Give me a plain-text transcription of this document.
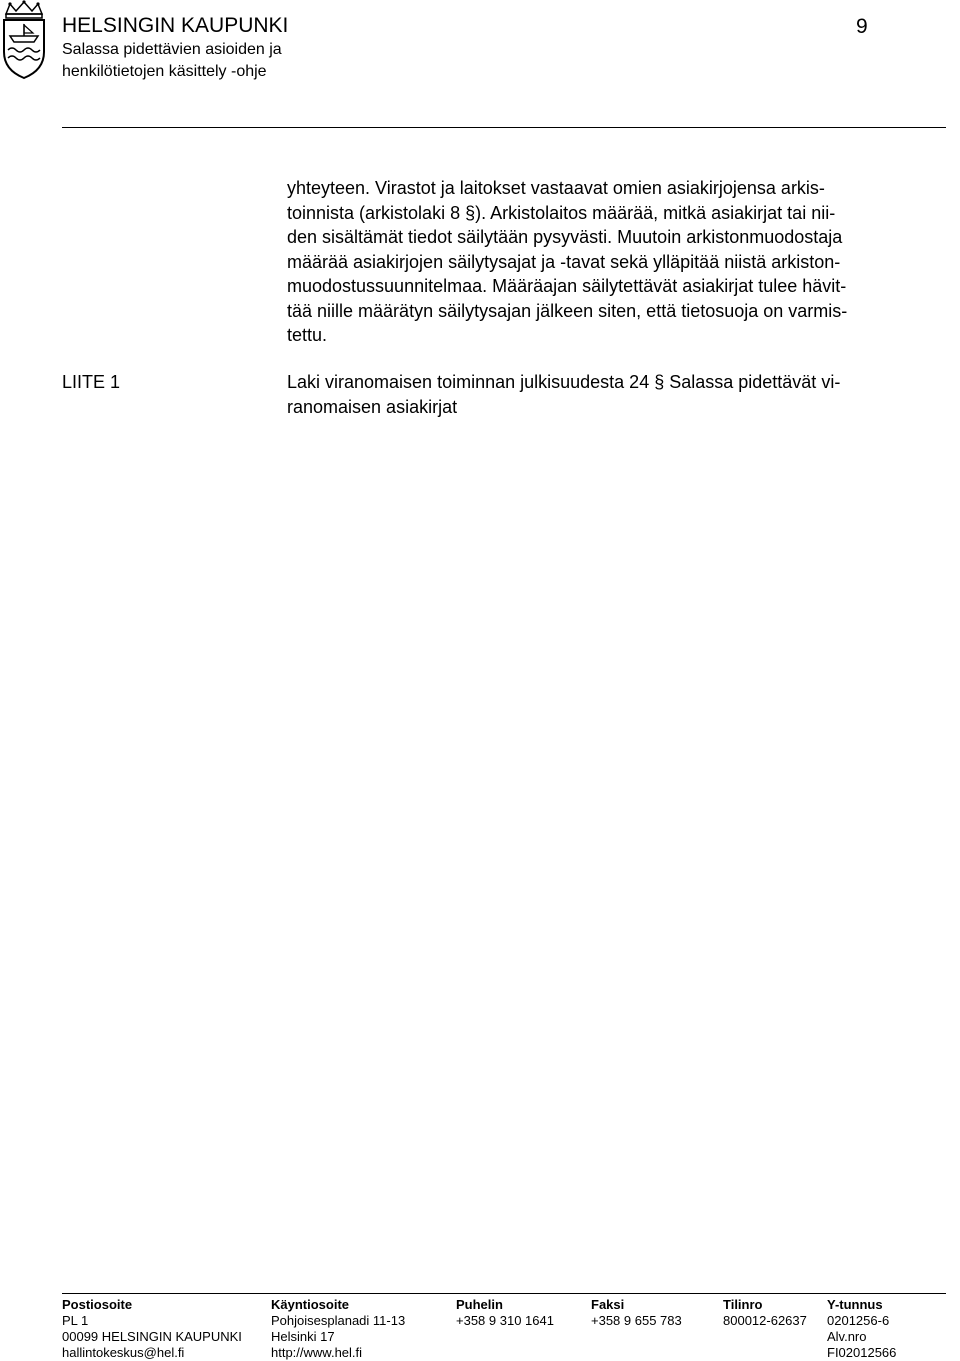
HELSINGIN KAUPUNKI
Salassa pidettävien asioiden ja
henkilötietojen käsittely -ohje
9
yhteyteen. Virastot ja laitokset vastaavat omien asiakirjojensa arkis-
toinnista (arkistolaki 8 §). Arkistolaitos määrää, mitkä asiakirjat tai nii-
den sisältämät tiedot säilytään pysyvästi. Muutoin arkistonmuodostaja
määrää asiakirjojen säilytysajat ja -tavat sekä ylläpitää niistä arkiston-
muodostussuunnitelmaa. Määräajan säilytettävät asiakirjat tulee hävit-
tää niille määrätyn säilytysajan jälkeen siten, että tietosuoja on varmis-
tettu.
LIITE 1	Laki viranomaisen toiminnan julkisuudesta 24 § Salassa pidettävät vi-
ranomaisen asiakirjat
Postiosoite
PL 1
00099 HELSINGIN KAUPUNKI
hallintokeskus@hel.fi
Käyntiosoite
Pohjoisesplanadi 11-13
Helsinki 17
http://www.hel.fi
Puhelin
+358 9 310 1641
Faksi
+358 9 655 783
Tilinro
800012-62637
Y-tunnus
0201256-6
Alv.nro
FI02012566
